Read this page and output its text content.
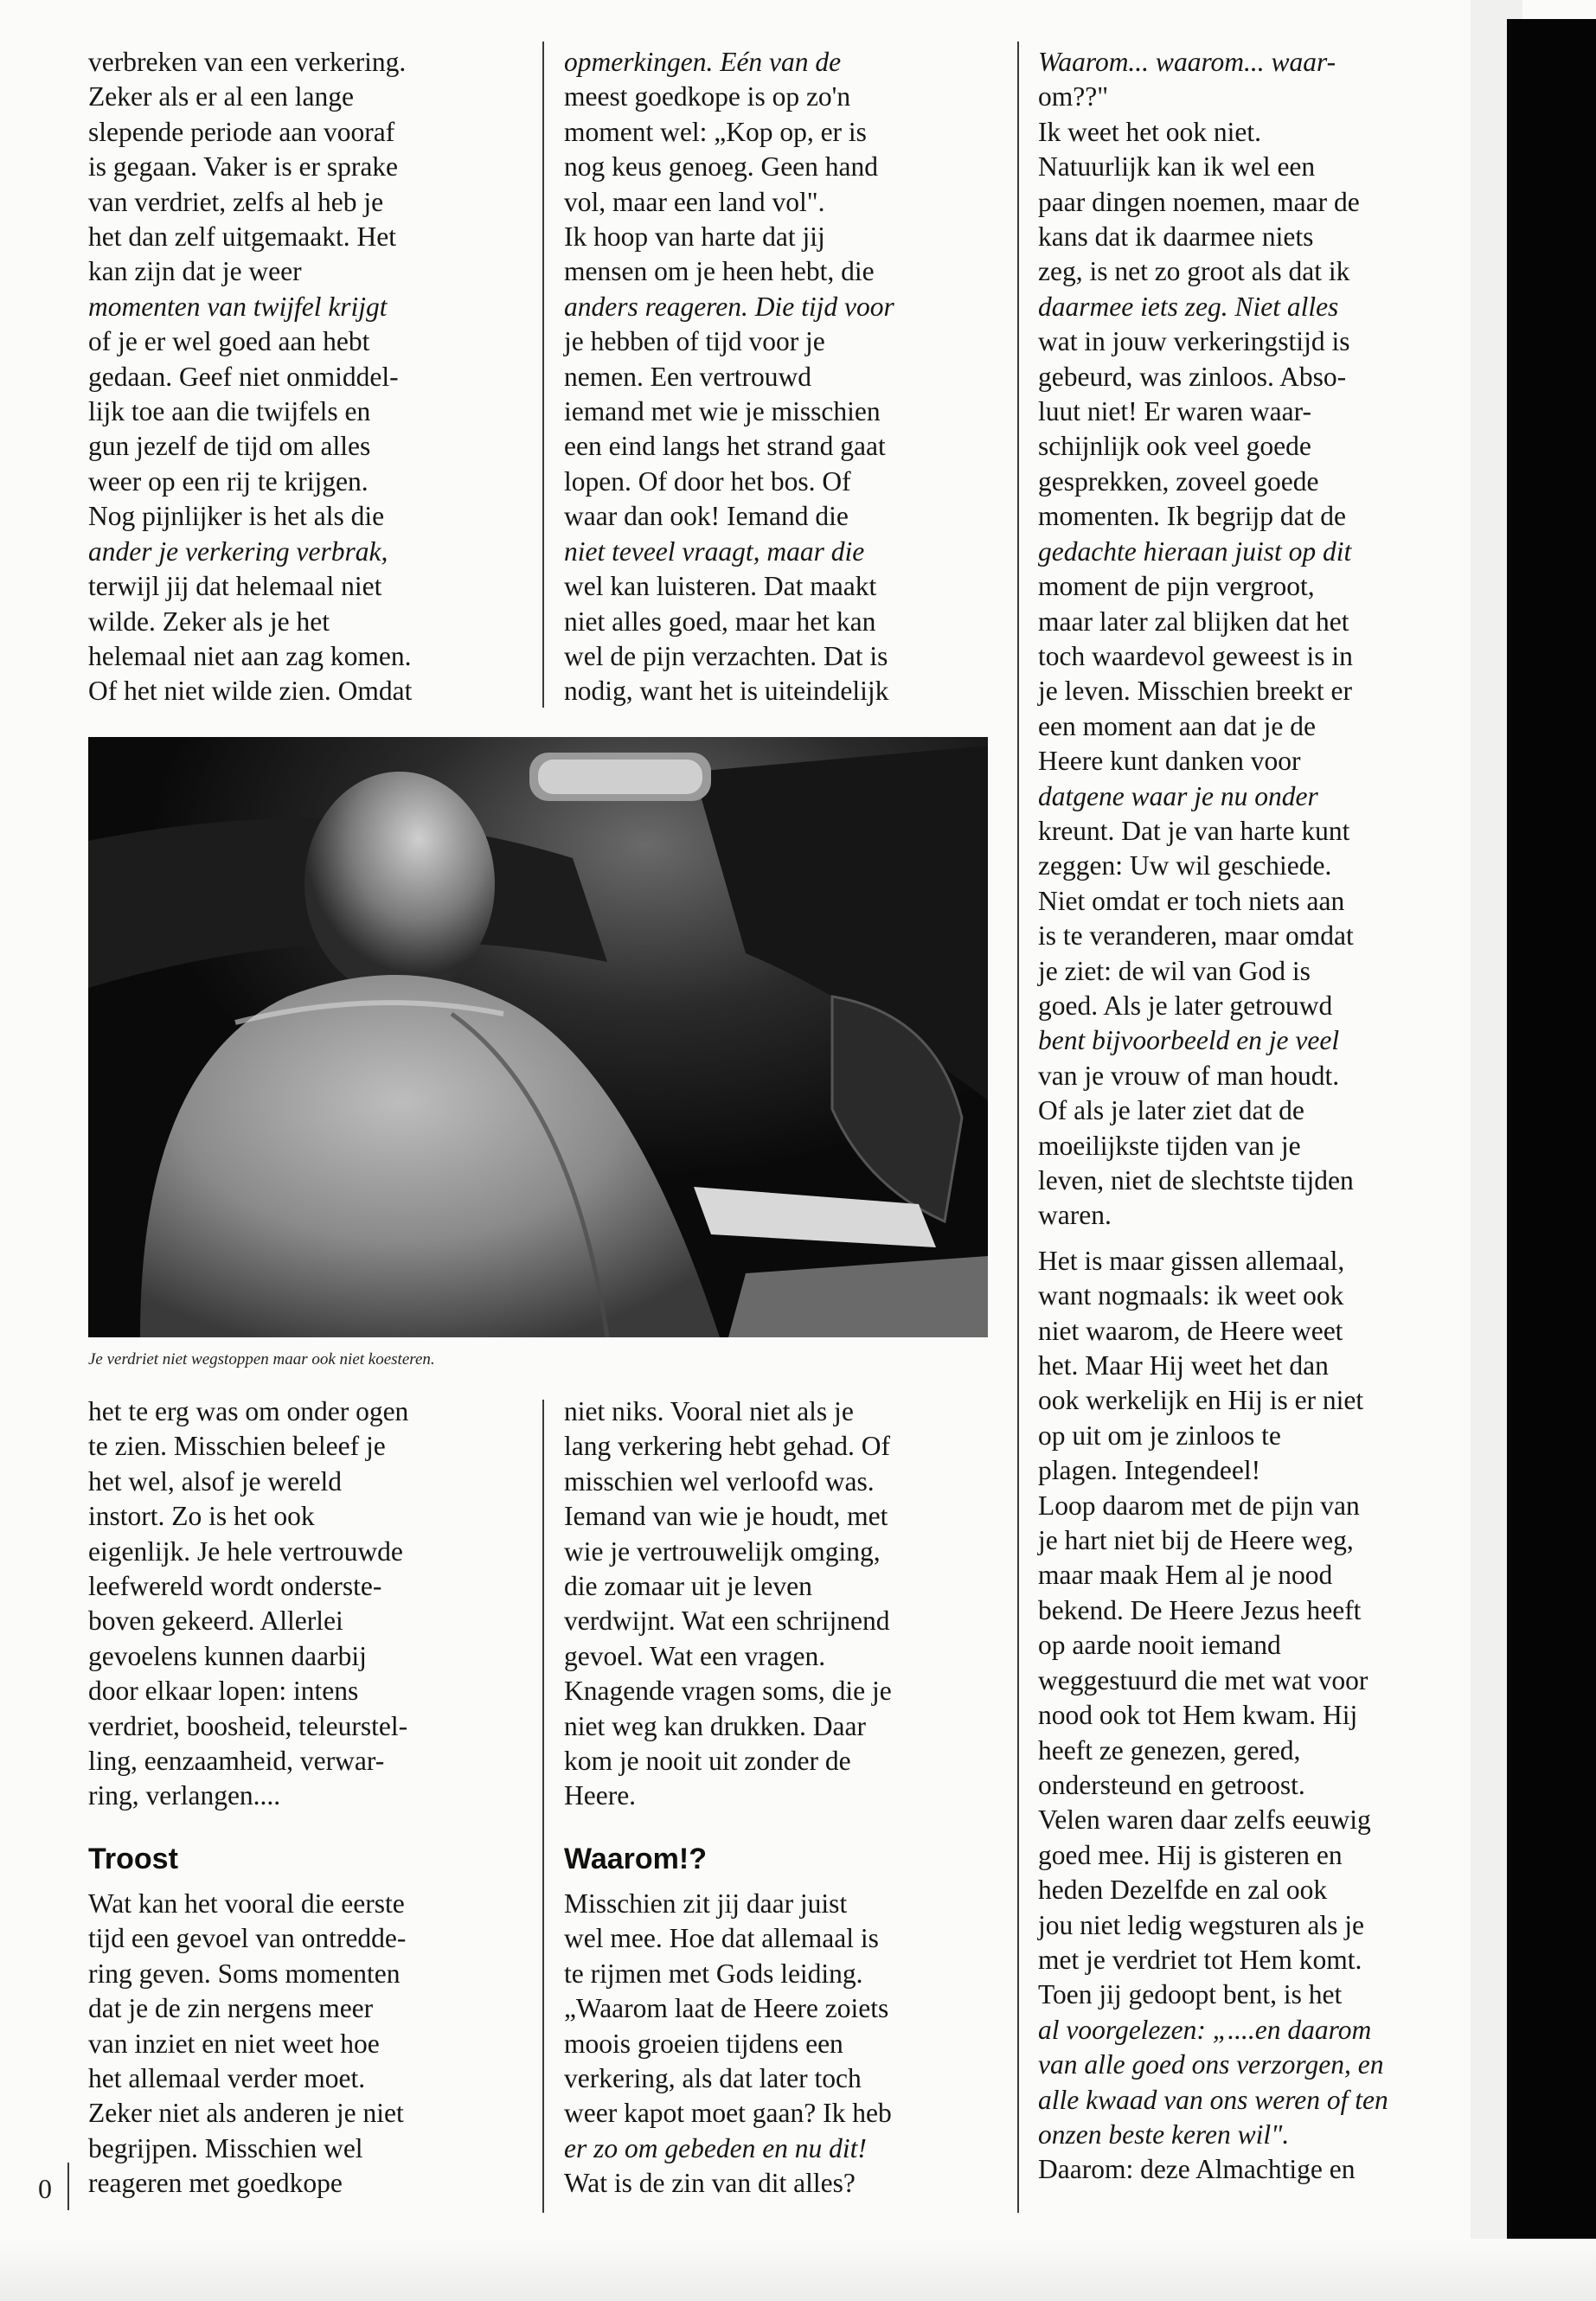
verbreken van een verkering.
Zeker als er al een lange
slepende periode aan vooraf
is gegaan. Vaker is er sprake
van verdriet, zelfs al heb je
het dan zelf uitgemaakt. Het
kan zijn dat je weer
momenten van twijfel krijgt
of je er wel goed aan hebt
gedaan. Geef niet onmiddel-
lijk toe aan die twijfels en
gun jezelf de tijd om alles
weer op een rij te krijgen.
Nog pijnlijker is het als die
ander je verkering verbrak,
terwijl jij dat helemaal niet
wilde. Zeker als je het
helemaal niet aan zag komen.
Of het niet wilde zien. Omdat
opmerkingen. Eén van de
meest goedkope is op zo'n
moment wel: „Kop op, er is
nog keus genoeg. Geen hand
vol, maar een land vol".
Ik hoop van harte dat jij
mensen om je heen hebt, die
anders reageren. Die tijd voor
je hebben of tijd voor je
nemen. Een vertrouwd
iemand met wie je misschien
een eind langs het strand gaat
lopen. Of door het bos. Of
waar dan ook! Iemand die
niet teveel vraagt, maar die
wel kan luisteren. Dat maakt
niet alles goed, maar het kan
wel de pijn verzachten. Dat is
nodig, want het is uiteindelijk
Waarom... waarom... waar-
om??"
Ik weet het ook niet.
Natuurlijk kan ik wel een
paar dingen noemen, maar de
kans dat ik daarmee niets
zeg, is net zo groot als dat ik
daarmee iets zeg. Niet alles
wat in jouw verkeringstijd is
gebeurd, was zinloos. Abso-
luut niet! Er waren waar-
schijnlijk ook veel goede
gesprekken, zoveel goede
momenten. Ik begrijp dat de
gedachte hieraan juist op dit
moment de pijn vergroot,
maar later zal blijken dat het
toch waardevol geweest is in
je leven. Misschien breekt er
een moment aan dat je de
Heere kunt danken voor
datgene waar je nu onder
kreunt. Dat je van harte kunt
zeggen: Uw wil geschiede.
Niet omdat er toch niets aan
is te veranderen, maar omdat
je ziet: de wil van God is
goed. Als je later getrouwd
bent bijvoorbeeld en je veel
van je vrouw of man houdt.
Of als je later ziet dat de
moeilijkste tijden van je
leven, niet de slechtste tijden
waren.
Het is maar gissen allemaal,
want nogmaals: ik weet ook
niet waarom, de Heere weet
het. Maar Hij weet het dan
ook werkelijk en Hij is er niet
op uit om je zinloos te
plagen. Integendeel!
Loop daarom met de pijn van
je hart niet bij de Heere weg,
maar maak Hem al je nood
bekend. De Heere Jezus heeft
op aarde nooit iemand
weggestuurd die met wat voor
nood ook tot Hem kwam. Hij
heeft ze genezen, gered,
ondersteund en getroost.
Velen waren daar zelfs eeuwig
goed mee. Hij is gisteren en
heden Dezelfde en zal ook
jou niet ledig wegsturen als je
met je verdriet tot Hem komt.
Toen jij gedoopt bent, is het
al voorgelezen: „....en daarom
van alle goed ons verzorgen, en
alle kwaad van ons weren of ten
onzen beste keren wil".
Daarom: deze Almachtige en
Je verdriet niet wegstoppen maar ook niet koesteren.
het te erg was om onder ogen
te zien. Misschien beleef je
het wel, alsof je wereld
instort. Zo is het ook
eigenlijk. Je hele vertrouwde
leefwereld wordt onderste-
boven gekeerd. Allerlei
gevoelens kunnen daarbij
door elkaar lopen: intens
verdriet, boosheid, teleurstel-
ling, eenzaamheid, verwar-
ring, verlangen....
Troost
Wat kan het vooral die eerste
tijd een gevoel van ontredde-
ring geven. Soms momenten
dat je de zin nergens meer
van inziet en niet weet hoe
het allemaal verder moet.
Zeker niet als anderen je niet
begrijpen. Misschien wel
reageren met goedkope
niet niks. Vooral niet als je
lang verkering hebt gehad. Of
misschien wel verloofd was.
Iemand van wie je houdt, met
wie je vertrouwelijk omging,
die zomaar uit je leven
verdwijnt. Wat een schrijnend
gevoel. Wat een vragen.
Knagende vragen soms, die je
niet weg kan drukken. Daar
kom je nooit uit zonder de
Heere.
Waarom!?
Misschien zit jij daar juist
wel mee. Hoe dat allemaal is
te rijmen met Gods leiding.
„Waarom laat de Heere zoiets
moois groeien tijdens een
verkering, als dat later toch
weer kapot moet gaan? Ik heb
er zo om gebeden en nu dit!
Wat is de zin van dit alles?
0
